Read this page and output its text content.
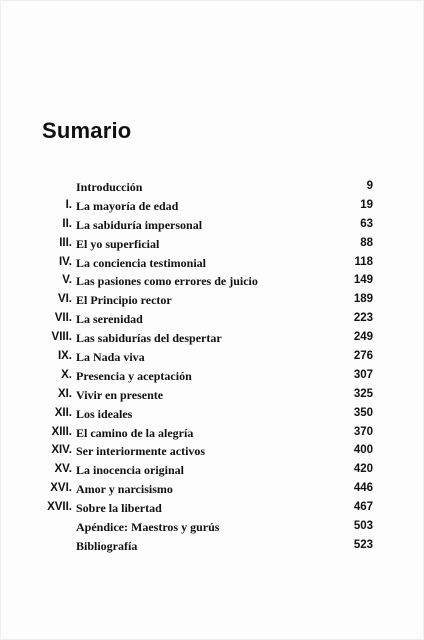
Sumario
Introducción	9
I. La mayoría de edad	19
II. La sabiduría impersonal	63
III. El yo superficial	88
IV. La conciencia testimonial	118
V. Las pasiones como errores de juicio	149
VI. El Principio rector	189
VII. La serenidad	223
VIII. Las sabidurías del despertar	249
IX. La Nada viva	276
X. Presencia y aceptación	307
XI. Vivir en presente	325
XII. Los ideales	350
XIII. El camino de la alegría	370
XIV. Ser interiormente activos	400
XV. La inocencia original	420
XVI. Amor y narcisismo	446
XVII. Sobre la libertad	467
Apéndice: Maestros y gurús	503
Bibliografía	523
